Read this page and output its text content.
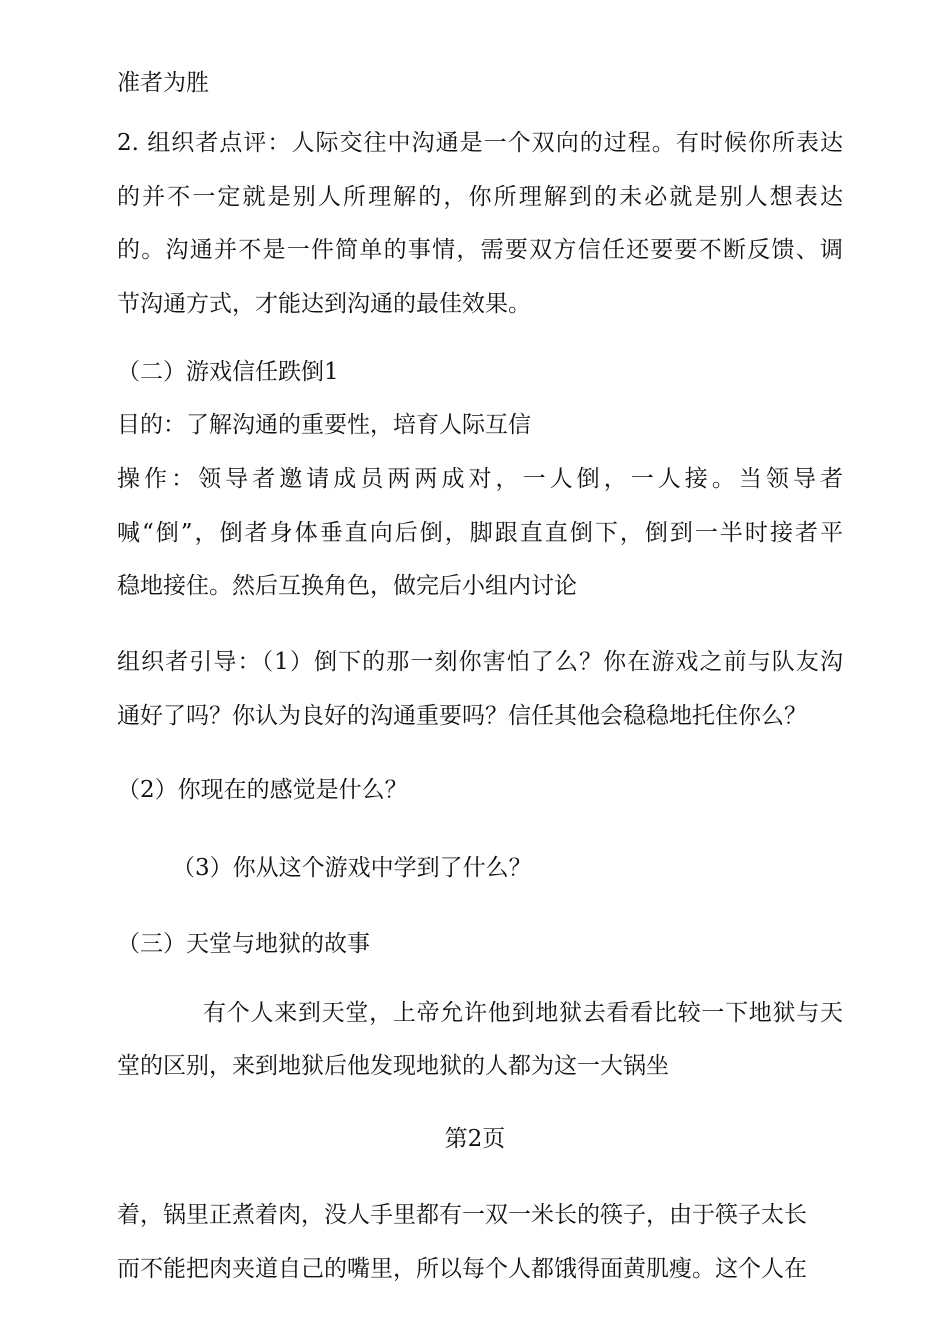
准者为胜
2. 组织者点评：人际交往中沟通是一个双向的过程。有时候你所表达
的并不一定就是别人所理解的，你所理解到的未必就是别人想表达
的。沟通并不是一件简单的事情，需要双方信任还要要不断反馈、调
节沟通方式，才能达到沟通的最佳效果。
（二）游戏信任跌倒1
目的：了解沟通的重要性，培育人际互信
操作：领导者邀请成员两两成对，一人倒，一人接。当领导者
喊“倒”，倒者身体垂直向后倒，脚跟直直倒下，倒到一半时接者平
稳地接住。然后互换角色，做完后小组内讨论
组织者引导：（1）倒下的那一刻你害怕了么？你在游戏之前与队友沟
通好了吗？你认为良好的沟通重要吗？信任其他会稳稳地托住你么？
（2）你现在的感觉是什么？
（3）你从这个游戏中学到了什么？
（三）天堂与地狱的故事
有个人来到天堂，上帝允许他到地狱去看看比较一下地狱与天
堂的区别，来到地狱后他发现地狱的人都为这一大锅坐
第2页
着，锅里正煮着肉，没人手里都有一双一米长的筷子，由于筷子太长
而不能把肉夹道自己的嘴里，所以每个人都饿得面黄肌瘦。这个人在
